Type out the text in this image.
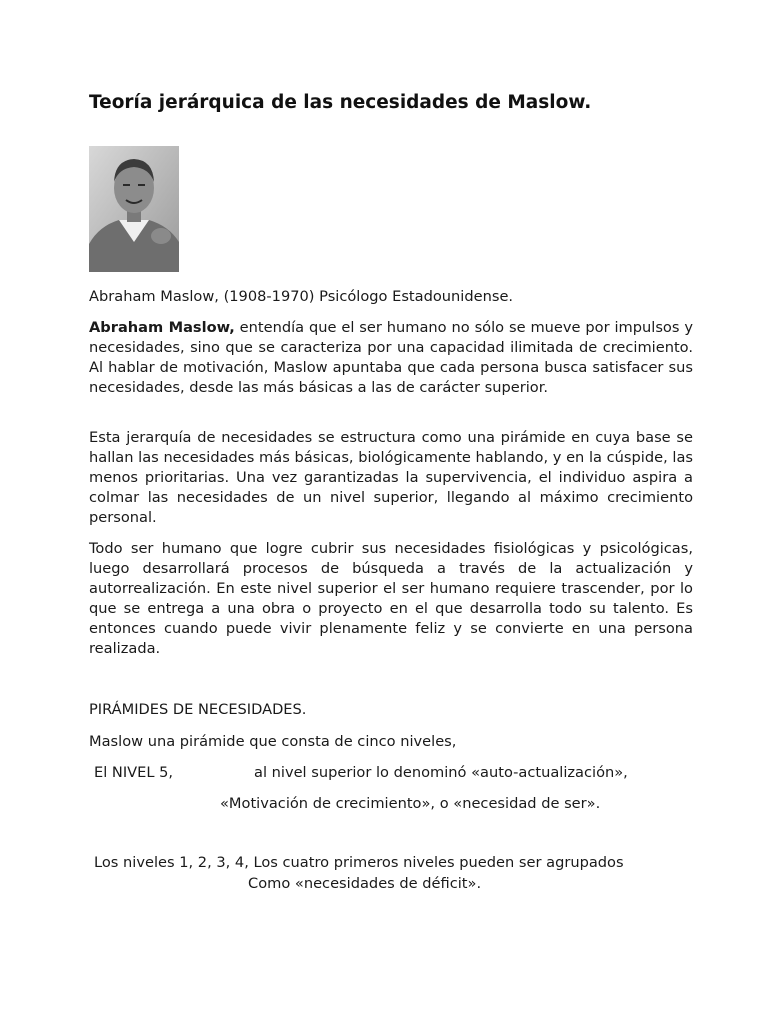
Teoría jerárquica de las necesidades de Maslow.

Abraham Maslow, (1908-1970) Psicólogo Estadounidense.

Abraham Maslow, entendía que el ser humano no sólo se mueve por impulsos y necesidades, sino que se caracteriza por una capacidad ilimitada de crecimiento. Al hablar de motivación, Maslow apuntaba que cada persona busca satisfacer sus necesidades, desde las más básicas a las de carácter superior.

Esta jerarquía de necesidades se estructura como una pirámide en cuya base se hallan las necesidades más básicas, biológicamente hablando, y en la cúspide, las menos prioritarias. Una vez garantizadas la supervivencia, el individuo aspira a colmar las necesidades de un nivel superior, llegando al máximo crecimiento personal.

Todo ser humano que logre cubrir sus necesidades fisiológicas y psicológicas, luego desarrollará procesos de búsqueda a través de la actualización y autorrealización. En este nivel superior el ser humano requiere trascender, por lo que se entrega a una obra o proyecto en el que desarrolla todo su talento. Es entonces cuando puede vivir plenamente feliz y se convierte en una persona realizada.

PIRÁMIDES DE NECESIDADES.

Maslow una pirámide que consta de cinco niveles,

El NIVEL 5,	al nivel superior lo denominó «auto-actualización»,

«Motivación de crecimiento», o «necesidad de ser».

Los niveles 1, 2, 3, 4, Los cuatro primeros niveles pueden ser agrupados

Como «necesidades de déficit».
